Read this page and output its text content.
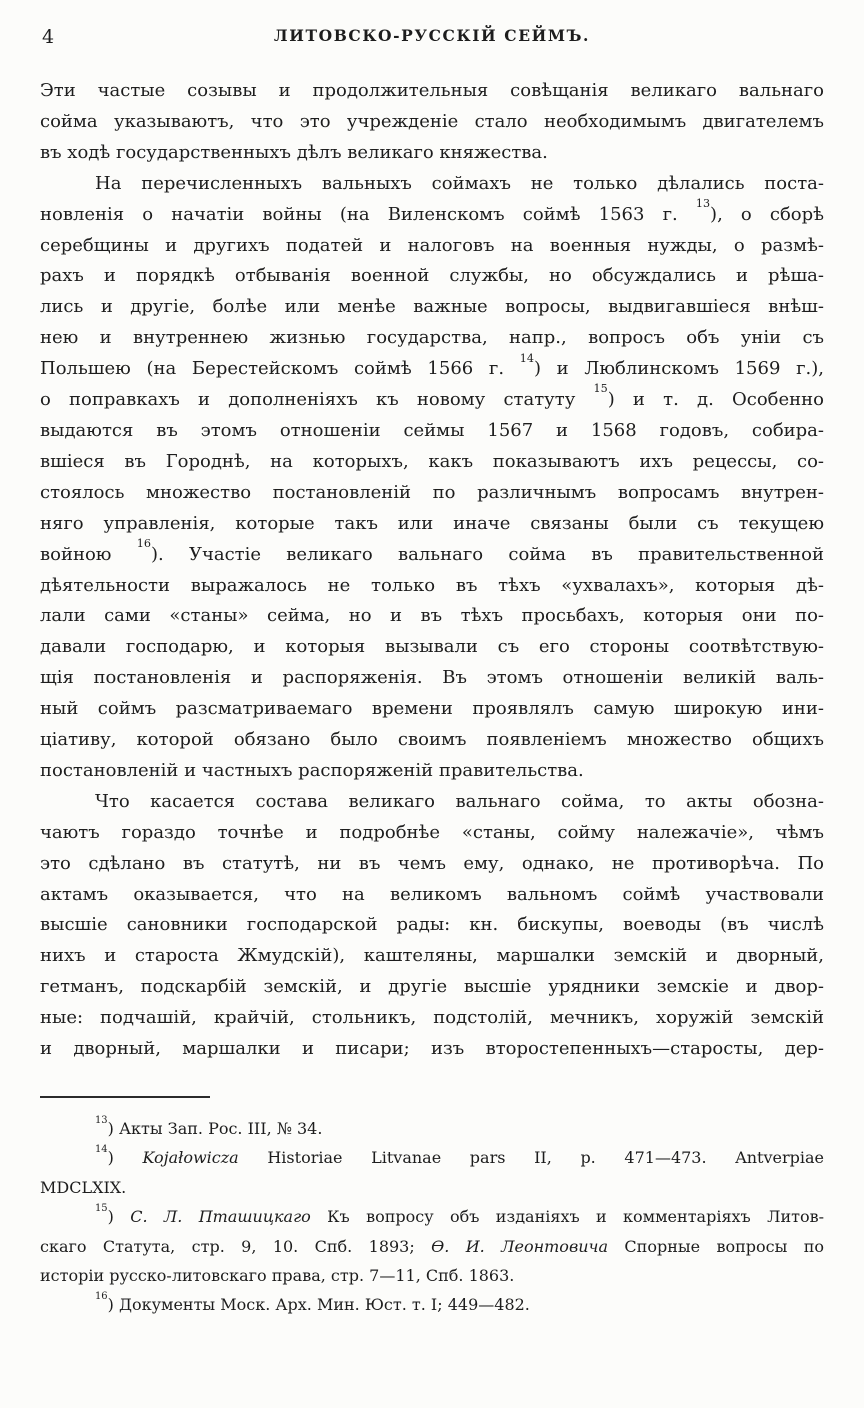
4	ЛИТОВСКО-РУССКІЙ СЕЙМЪ.
Эти частые созывы и продолжительныя совѣщанія великаго вальнаго
сойма указываютъ, что это учрежденіе стало необходимымъ двигателемъ
въ ходѣ государственныхъ дѣлъ великаго княжества.
На перечисленныхъ вальныхъ соймахъ не только дѣлались поста-
новленія о начатіи войны (на Виленскомъ соймѣ 1563 г. $^{13}$), о сборѣ
серебщины и другихъ податей и налоговъ на военныя нужды, о размѣ-
рахъ и порядкѣ отбыванія военной службы, но обсуждались и рѣша-
лись и другіе, болѣе или менѣе важные вопросы, выдвигавшіеся внѣш-
нею и внутреннею жизнью государства, напр., вопросъ объ уніи съ
Польшею (на Берестейскомъ соймѣ 1566 г. $^{14}$) и Люблинскомъ 1569 г.),
о поправкахъ и дополненіяхъ къ новому статуту $^{15}$) и т. д. Особенно
выдаются въ этомъ отношеніи сеймы 1567 и 1568 годовъ, собира-
вшіеся въ Городнѣ, на которыхъ, какъ показываютъ ихъ рецессы, со-
стоялось множество постановленій по различнымъ вопросамъ внутрен-
няго управленія, которые такъ или иначе связаны были съ текущею
войною $^{16}$). Участіе великаго вальнаго сойма въ правительственной
дѣятельности выражалось не только въ тѣхъ «ухвалахъ», которыя дѣ-
лали сами «станы» сейма, но и въ тѣхъ просьбахъ, которыя они по-
давали господарю, и которыя вызывали съ его стороны соотвѣтствую-
щія постановленія и распоряженія. Въ этомъ отношеніи великій валь-
ный соймъ разсматриваемаго времени проявлялъ самую широкую ини-
ціативу, которой обязано было своимъ появленіемъ множество общихъ
постановленій и частныхъ распоряженій правительства.
Что касается состава великаго вальнаго сойма, то акты обозна-
чаютъ гораздо точнѣе и подробнѣе «станы, сойму належачіе», чѣмъ
это сдѣлано въ статутѣ, ни въ чемъ ему, однако, не противорѣча. По
актамъ оказывается, что на великомъ вальномъ соймѣ участвовали
высшіе сановники господарской рады: кн. бискупы, воеводы (въ числѣ
нихъ и староста Жмудскій), каштеляны, маршалки земскій и дворный,
гетманъ, подскарбій земскій, и другіе высшіе урядники земскіе и двор-
ные: подчашій, крайчій, стольникъ, подстолій, мечникъ, хоружій земскій
и дворный, маршалки и писари; изъ второстепенныхъ—старосты, дер-
$^{13}$) Акты Зап. Рос. III, № 34.
$^{14}$) Kojałowicza Historiae Litvanae pars II, p. 471—473. Antverpiae
MDCLXIX.
$^{15}$) С. Л. Пташицкаго Къ вопросу объ изданіяхъ и комментаріяхъ Литов-
скаго Статута, стр. 9, 10. Спб. 1893; Ѳ. И. Леонтовича Спорные вопросы по
исторіи русско-литовскаго права, стр. 7—11, Спб. 1863.
$^{16}$) Документы Моск. Арх. Мин. Юст. т. I; 449—482.
